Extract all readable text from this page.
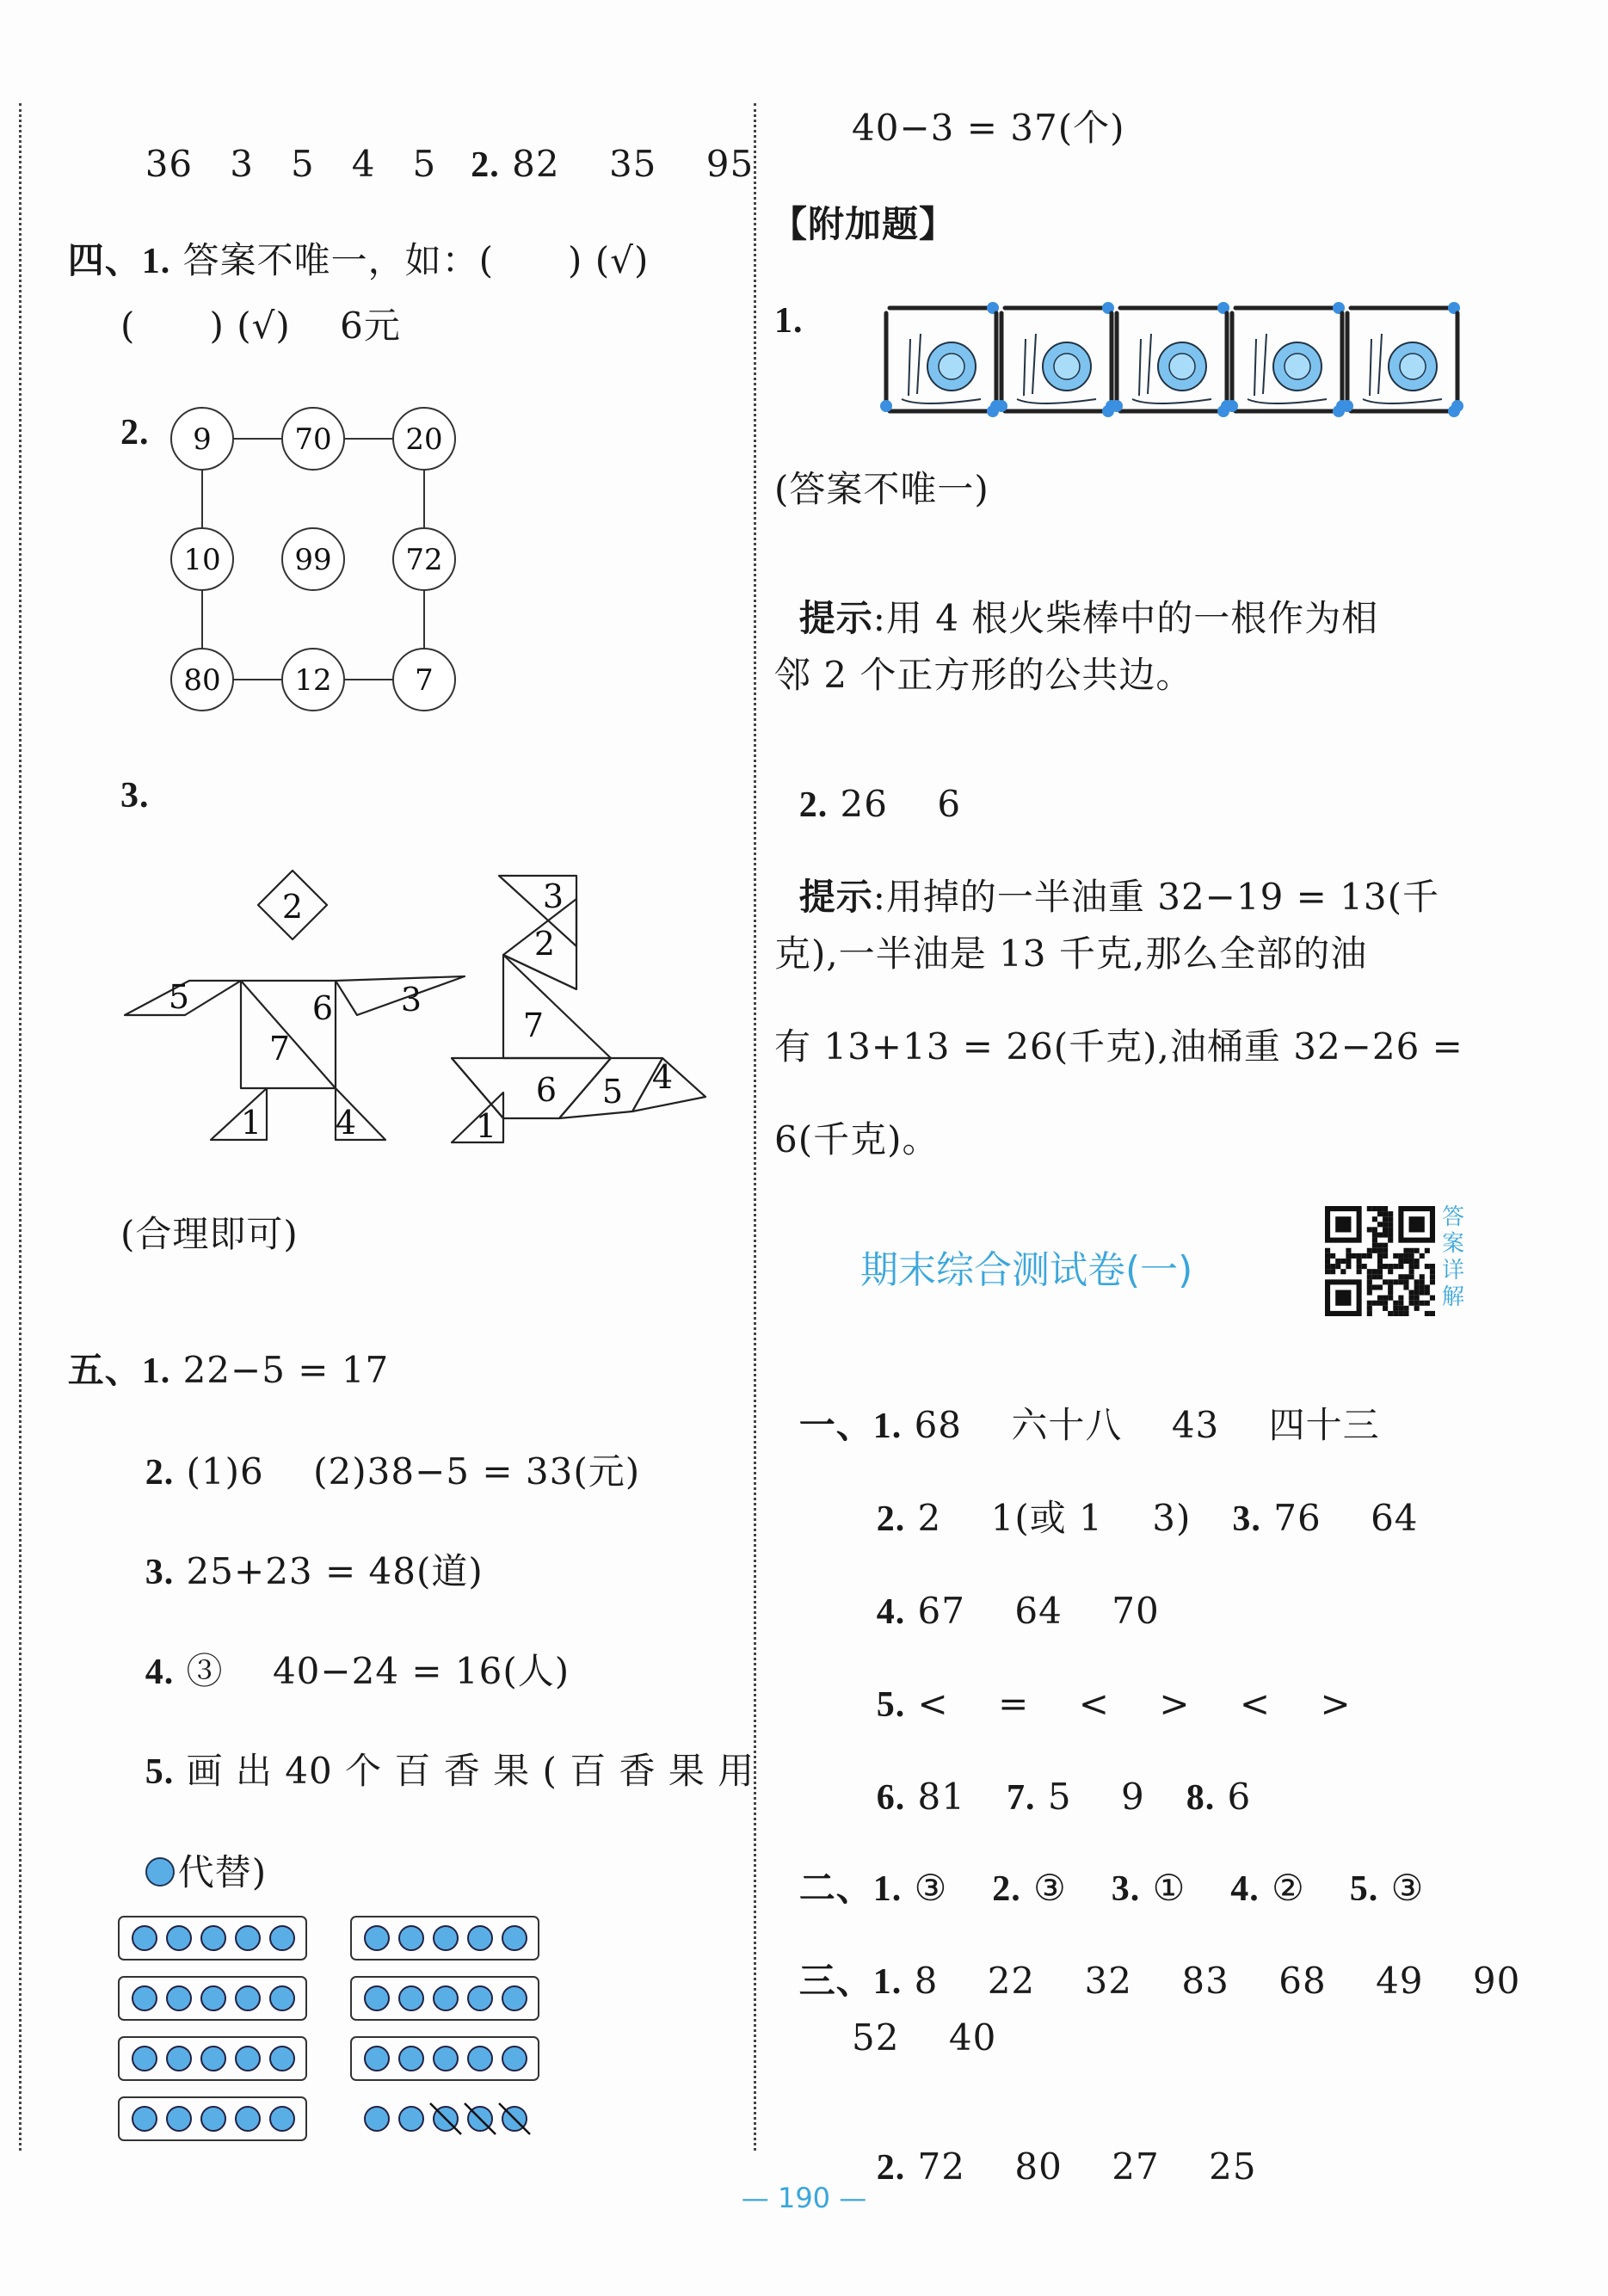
36   3   5   4   5 2. 82    35    95

四、1. 答案不唯一，如：(      ) (√)

(      ) (√)    6元
2. 9	70	20
10	99	72
80	12	7
3.
2
5	6 3
7
1 4
3
2
7
6 5 4
1
(合理即可)

五、1. 22−5 = 17

2. (1)6    (2)38−5 = 33(元)

3. 25+23 = 48(道)

4. ③    40−24 = 16(人)

5. 画 出 40 个 百 香 果 ( 百 香 果 用

代替)

40−3 = 37(个)
【附加题】
1.
(答案不唯一)

提示:用 4 根火柴棒中的一根作为相

邻 2 个正方形的公共边。

2. 26    6

提示:用掉的一半油重 32−19 = 13(千

克),一半油是 13 千克,那么全部的油
有 13+13 = 26(千克),油桶重 32−26 =
6(千克)。
期末综合测试卷(一)
答案详解

一、1. 68    六十八    43    四十三

2. 2    1(或 1    3) 3. 76    64

4. 67    64    70

5. <    =    <    >    <    >

6. 81 7. 5    9 8. 6

二、1. ③ 2. ③ 3. ① 4. ② 5. ③

三、1. 8    22    32    83    68    49    90

52    40

2. 72    80    27    25

— 190 —
